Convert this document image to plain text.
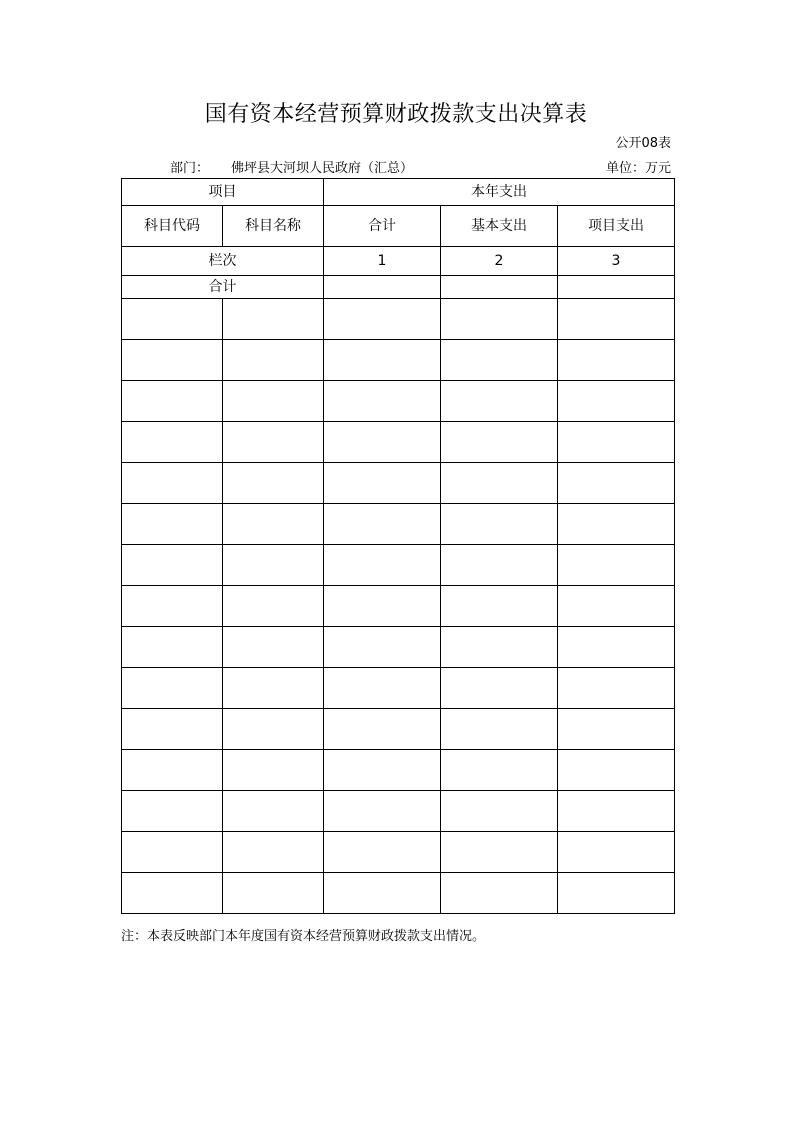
国有资本经营预算财政拨款支出决算表
公开08表
部门： 佛坪县大河坝人民政府（汇总）	单位：万元
项目		本年支出		
科目代码	科目名称	合计	基本支出	项目支出
栏次		1	2	3
合计				

注：本表反映部门本年度国有资本经营预算财政拨款支出情况。
